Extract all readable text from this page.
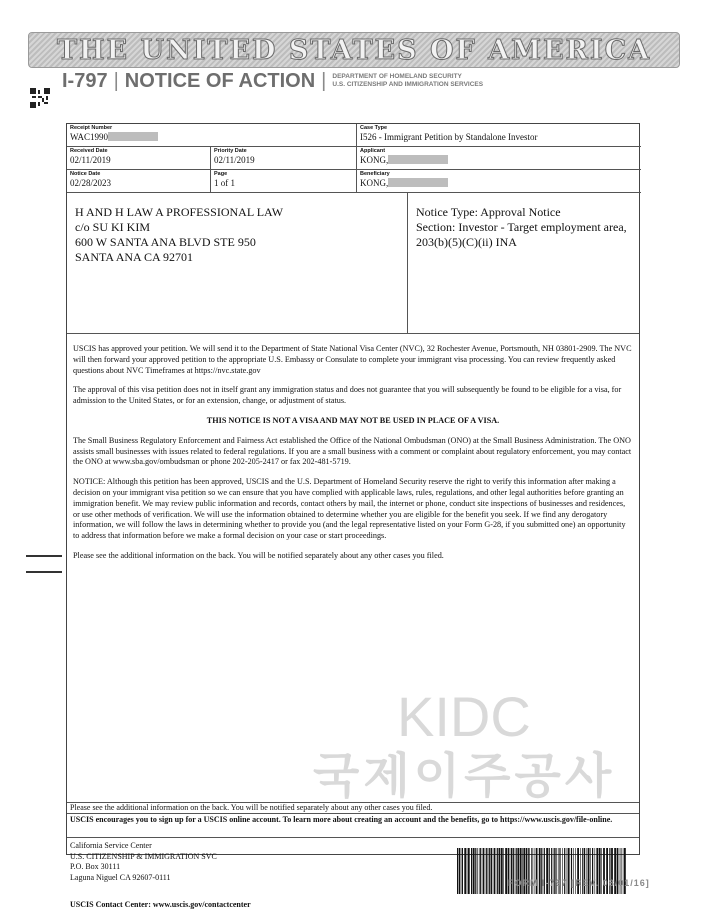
THE UNITED STATES OF AMERICA
I-797 | NOTICE OF ACTION | DEPARTMENT OF HOMELAND SECURITY
U.S. CITIZENSHIP AND IMMIGRATION SERVICES
Receipt Number
WAC1990
Case Type
I526 - Immigrant Petition by Standalone Investor
Received Date
02/11/2019
Priority Date
02/11/2019
Applicant
KONG,
Notice Date
02/28/2023
Page
1 of 1
Beneficiary
KONG,
H AND H LAW A PROFESSIONAL LAW
c/o SU KI KIM
600 W SANTA ANA BLVD STE 950
SANTA ANA CA 92701
Notice Type: Approval Notice
Section: Investor - Target employment area,
203(b)(5)(C)(ii) INA

USCIS has approved your petition. We will send it to the Department of State National Visa Center (NVC), 32 Rochester Avenue, Portsmouth, NH 03801-2909. The NVC will then forward your approved petition to the appropriate U.S. Embassy or Consulate to complete your immigrant visa processing. You can review frequently asked questions about NVC Timeframes at https://nvc.state.gov

The approval of this visa petition does not in itself grant any immigration status and does not guarantee that you will subsequently be found to be eligible for a visa, for admission to the United States, or for an extension, change, or adjustment of status.

THIS NOTICE IS NOT A VISA AND MAY NOT BE USED IN PLACE OF A VISA.

The Small Business Regulatory Enforcement and Fairness Act established the Office of the National Ombudsman (ONO) at the Small Business Administration. The ONO assists small businesses with issues related to federal regulations. If you are a small business with a comment or complaint about regulatory enforcement, you may contact the ONO at www.sba.gov/ombudsman or phone 202-205-2417 or fax 202-481-5719.

NOTICE: Although this petition has been approved, USCIS and the U.S. Department of Homeland Security reserve the right to verify this information after making a decision on your immigrant visa petition so we can ensure that you have complied with applicable laws, rules, regulations, and other legal authorities before granting an immigration benefit. We may review public information and records, contact others by mail, the internet or phone, conduct site inspections of businesses and residences, or use other methods of verification. We will use the information obtained to determine whether you are eligible for the benefit you seek. If we find any derogatory information, we will follow the laws in determining whether to provide you (and the legal representative listed on your Form G-28, if you submitted one) an opportunity to address that information before we make a formal decision on your case or start proceedings.

Please see the additional information on the back. You will be notified separately about any other cases you filed.

KIDC
국제이주공사
Please see the additional information on the back. You will be notified separately about any other cases you filed.
USCIS encourages you to sign up for a USCIS online account. To learn more about creating an account and the benefits, go to https://www.uscis.gov/file-online.
California Service Center
U.S. CITIZENSHIP & IMMIGRATION SVC
P.O. Box 30111
Laguna Niguel CA 92607-0111
USCIS Contact Center: www.uscis.gov/contactcenter
FORM I-797 [REV. 08/01/16]
